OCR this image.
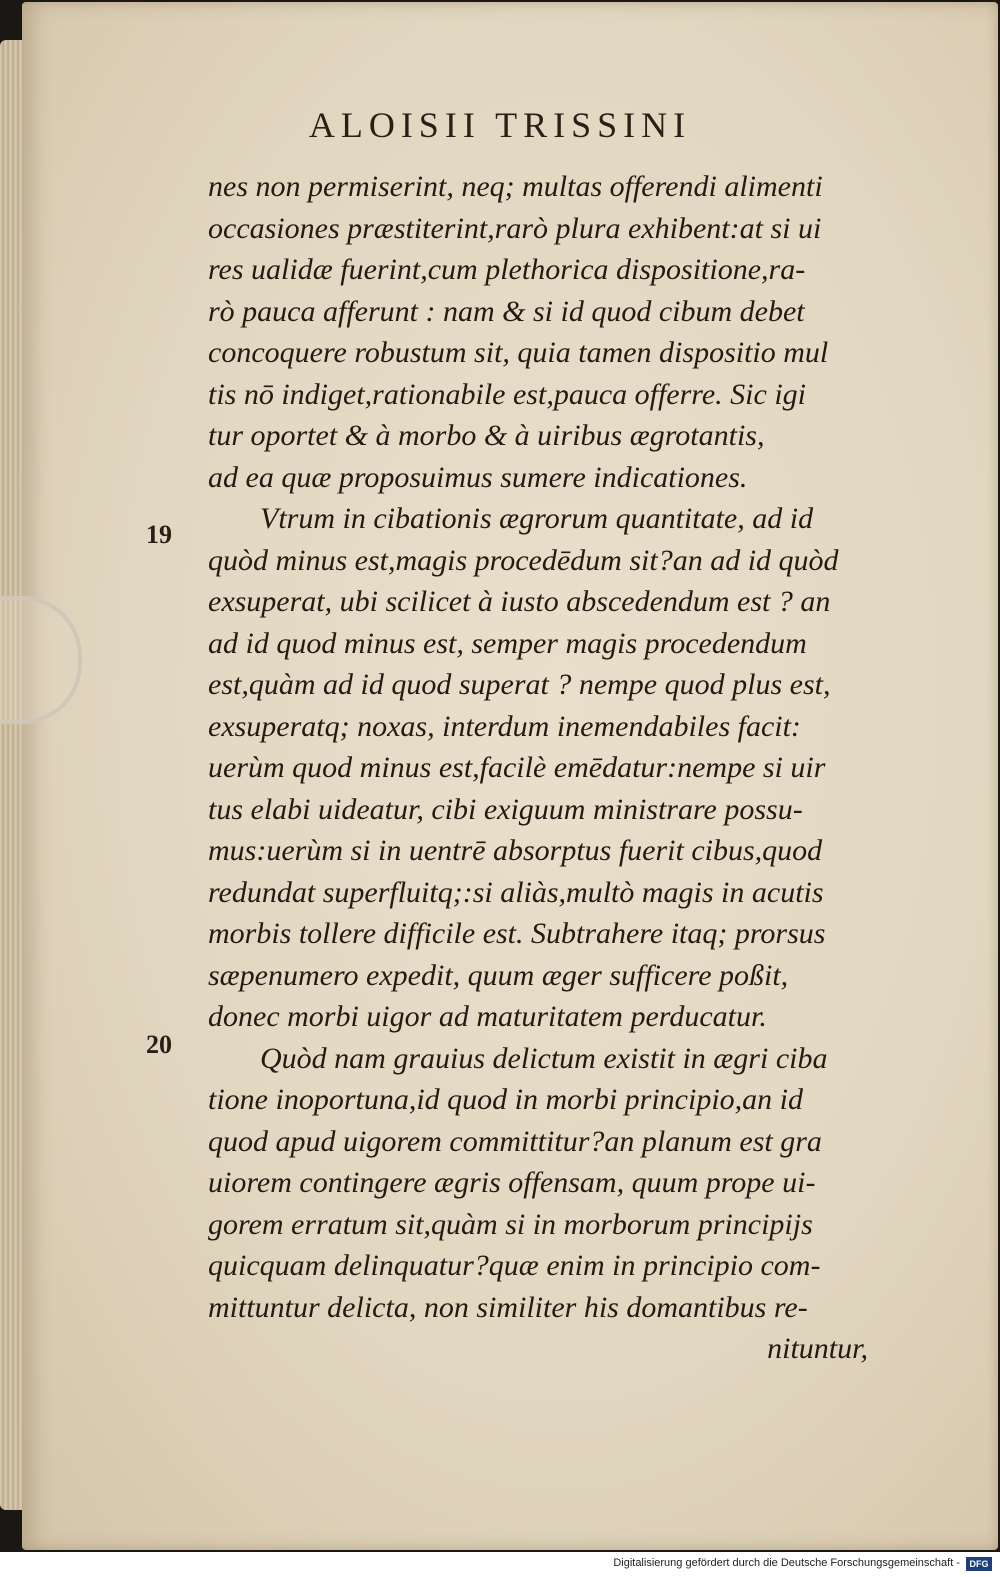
ALOISII TRISSINI
19
20
nes non permiserint, neq; multas offerendi alimenti
occasiones præstiterint,rarò plura exhibent:at si ui
res ualidæ fuerint,cum plethorica dispositione,ra-
rò pauca afferunt : nam & si id quod cibum debet
concoquere robustum sit, quia tamen dispositio mul
tis nō indiget,rationabile est,pauca offerre. Sic igi
tur oportet & à morbo & à uiribus ægrotantis,
ad ea quæ proposuimus sumere indicationes.
Vtrum in cibationis ægrorum quantitate, ad id
quòd minus est,magis procedēdum sit?an ad id quòd
exsuperat, ubi scilicet à iusto abscedendum est ? an
ad id quod minus est, semper magis procedendum
est,quàm ad id quod superat ? nempe quod plus est,
exsuperatq; noxas, interdum inemendabiles facit:
uerùm quod minus est,facilè emēdatur:nempe si uir
tus elabi uideatur, cibi exiguum ministrare possu-
mus:uerùm si in uentrē absorptus fuerit cibus,quod
redundat superfluitq;:si aliàs,multò magis in acutis
morbis tollere difficile est. Subtrahere itaq; prorsus
sæpenumero expedit, quum æger sufficere poßit,
donec morbi uigor ad maturitatem perducatur.
Quòd nam grauius delictum existit in ægri ciba
tione inoportuna,id quod in morbi principio,an id
quod apud uigorem committitur?an planum est gra
uiorem contingere ægris offensam, quum prope ui-
gorem erratum sit,quàm si in morborum principijs
quicquam delinquatur?quæ enim in principio com-
mittuntur delicta, non similiter his domantibus re-
nituntur,
Digitalisierung gefördert durch die Deutsche Forschungsgemeinschaft -	DFG
